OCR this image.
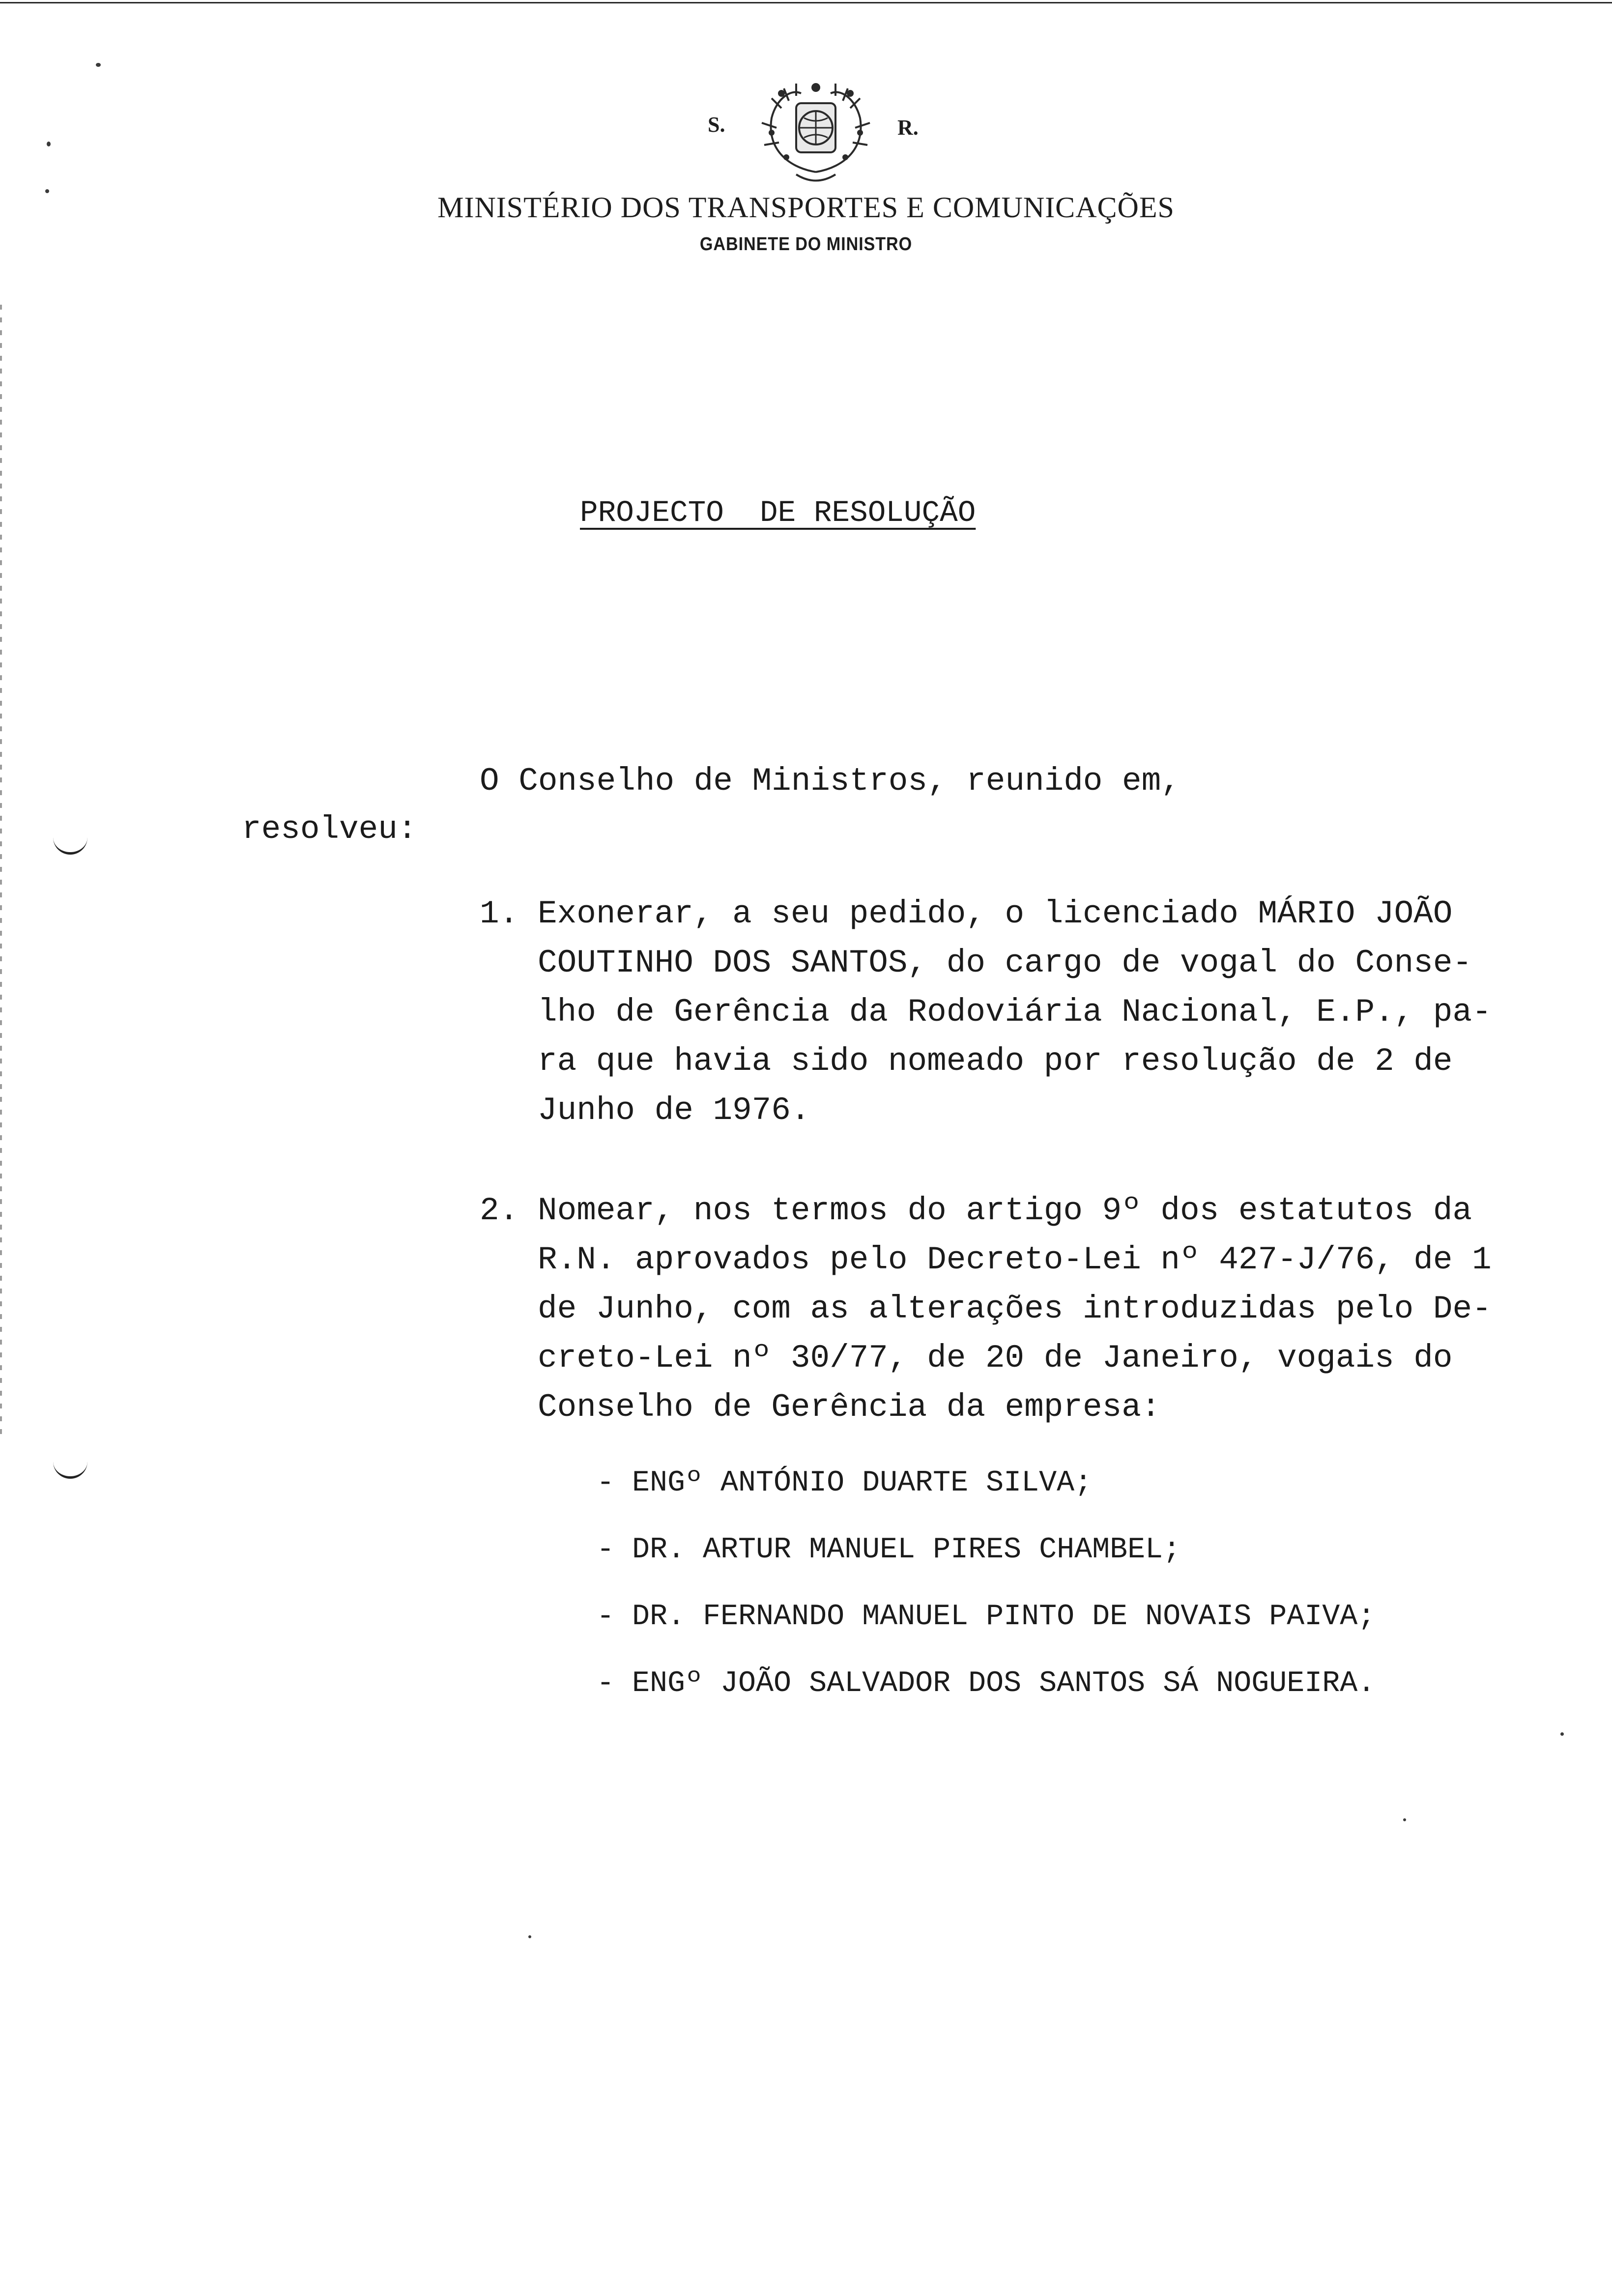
S.	R.
MINISTÉRIO DOS TRANSPORTES E COMUNICAÇÕES
GABINETE DO MINISTRO
PROJECTO  DE RESOLUÇÃO

O Conselho de Ministros, reunido em,

resolveu:

1. Exonerar, a seu pedido, o licenciado MÁRIO JOÃO
COUTINHO DOS SANTOS, do cargo de vogal do Conse-
lho de Gerência da Rodoviária Nacional, E.P., pa-
ra que havia sido nomeado por resolução de 2 de
Junho de 1976.

2. Nomear, nos termos do artigo 9º dos estatutos da
R.N. aprovados pelo Decreto-Lei nº 427-J/76, de 1
de Junho, com as alterações introduzidas pelo De-
creto-Lei nº 30/77, de 20 de Janeiro, vogais do
Conselho de Gerência da empresa:

- ENGº ANTÓNIO DUARTE SILVA;
- DR. ARTUR MANUEL PIRES CHAMBEL;
- DR. FERNANDO MANUEL PINTO DE NOVAIS PAIVA;
- ENGº JOÃO SALVADOR DOS SANTOS SÁ NOGUEIRA.
